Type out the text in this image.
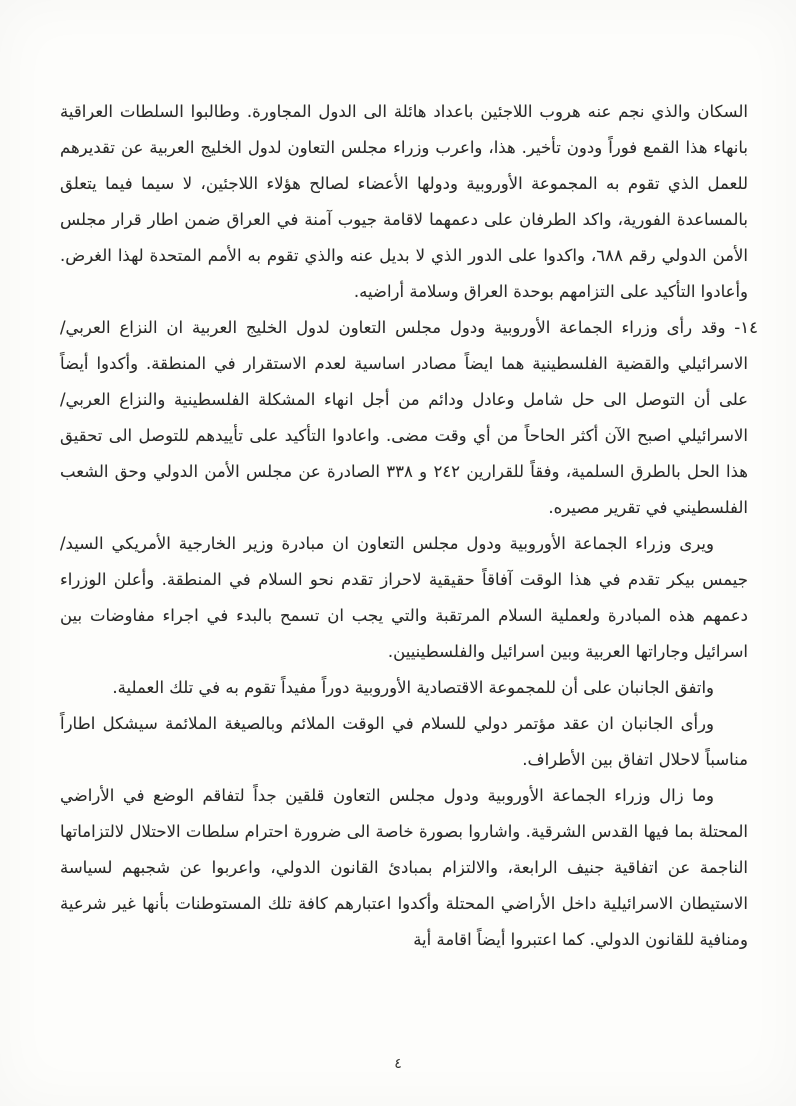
السكان والذي نجم عنه هروب اللاجئين باعداد هائلة الى الدول المجاورة. وطالبوا السلطات العراقية بانهاء هذا القمع فوراً ودون تأخير. هذا، واعرب وزراء مجلس التعاون لدول الخليج العربية عن تقديرهم للعمل الذي تقوم به المجموعة الأوروبية ودولها الأعضاء لصالح هؤلاء اللاجئين، لا سيما فيما يتعلق بالمساعدة الفورية، واكد الطرفان على دعمهما لاقامة جيوب آمنة في العراق ضمن اطار قرار مجلس الأمن الدولي رقم ٦٨٨، واكدوا على الدور الذي لا بديل عنه والذي تقوم به الأمم المتحدة لهذا الغرض. وأعادوا التأكيد على التزامهم بوحدة العراق وسلامة أراضيه.

١٤- وقد رأى وزراء الجماعة الأوروبية ودول مجلس التعاون لدول الخليج العربية ان النزاع العربي/ الاسرائيلي والقضية الفلسطينية هما ايضاً مصادر اساسية لعدم الاستقرار في المنطقة. وأكدوا أيضاً على أن التوصل الى حل شامل وعادل ودائم من أجل انهاء المشكلة الفلسطينية والنزاع العربي/ الاسرائيلي اصبح الآن أكثر الحاحاً من أي وقت مضى. واعادوا التأكيد على تأييدهم للتوصل الى تحقيق هذا الحل بالطرق السلمية، وفقاً للقرارين ٢٤٢ و ٣٣٨ الصادرة عن مجلس الأمن الدولي وحق الشعب الفلسطيني في تقرير مصيره.

ويرى وزراء الجماعة الأوروبية ودول مجلس التعاون ان مبادرة وزير الخارجية الأمريكي السيد/ جيمس بيكر تقدم في هذا الوقت آفاقاً حقيقية لاحراز تقدم نحو السلام في المنطقة. وأعلن الوزراء دعمهم هذه المبادرة ولعملية السلام المرتقبة والتي يجب ان تسمح بالبدء في اجراء مفاوضات بين اسرائيل وجاراتها العربية وبين اسرائيل والفلسطينيين.

واتفق الجانبان على أن للمجموعة الاقتصادية الأوروبية دوراً مفيداً تقوم به في تلك العملية.

ورأى الجانبان ان عقد مؤتمر دولي للسلام في الوقت الملائم وبالصيغة الملائمة سيشكل اطاراً مناسباً لاحلال اتفاق بين الأطراف.

وما زال وزراء الجماعة الأوروبية ودول مجلس التعاون قلقين جداً لتفاقم الوضع في الأراضي المحتلة بما فيها القدس الشرقية. واشاروا بصورة خاصة الى ضرورة احترام سلطات الاحتلال لالتزاماتها الناجمة عن اتفاقية جنيف الرابعة، والالتزام بمبادئ القانون الدولي، واعربوا عن شجبهم لسياسة الاستيطان الاسرائيلية داخل الأراضي المحتلة وأكدوا اعتبارهم كافة تلك المستوطنات بأنها غير شرعية ومنافية للقانون الدولي. كما اعتبروا أيضاً اقامة أية

٤
